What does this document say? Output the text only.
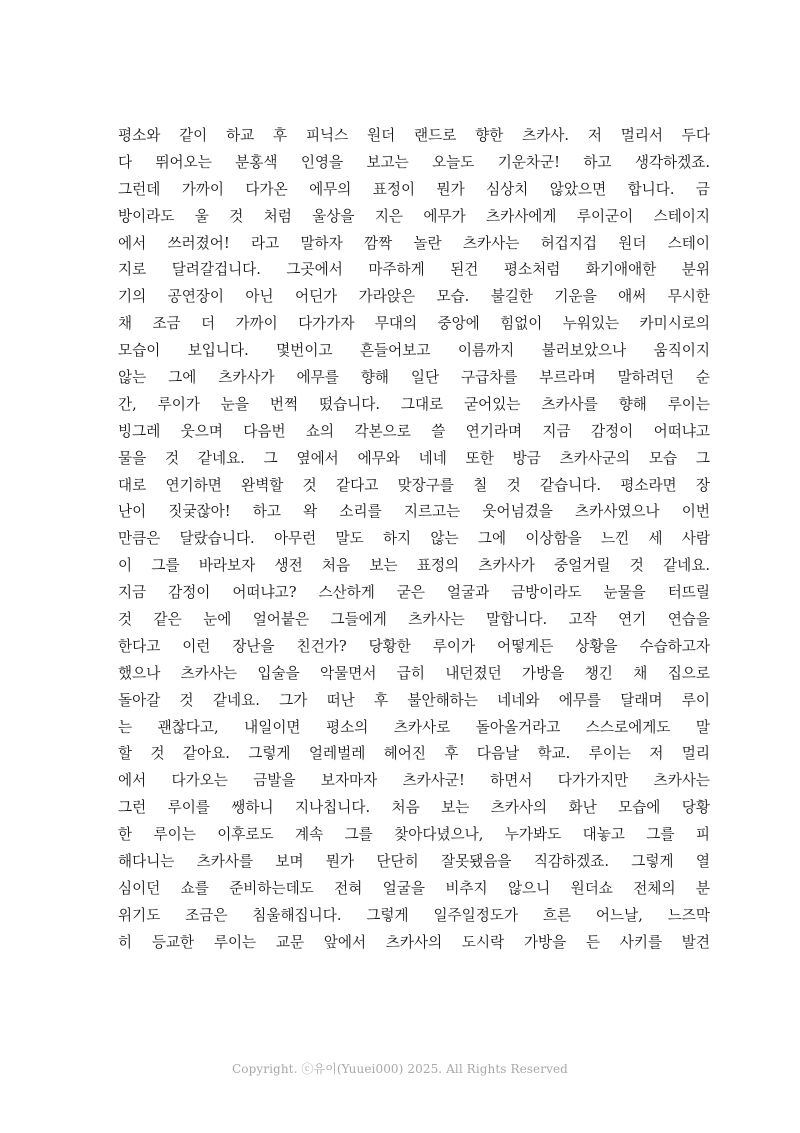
평소와 같이 하교 후 피닉스 원더 랜드로 향한 츠카사. 저 멀리서 두다
다 뛰어오는 분홍색 인영을 보고는 오늘도 기운차군! 하고 생각하겠죠.
그런데 가까이 다가온 에무의 표정이 뭔가 심상치 않았으면 합니다. 금
방이라도 울 것 처럼 울상을 지은 에무가 츠카사에게 루이군이 스테이지
에서 쓰러졌어! 라고 말하자 깜짝 놀란 츠카사는 허겁지겁 원더 스테이
지로 달려갈겁니다. 그곳에서 마주하게 된건 평소처럼 화기애애한 분위
기의 공연장이 아닌 어딘가 가라앉은 모습. 불길한 기운을 애써 무시한
채 조금 더 가까이 다가가자 무대의 중앙에 힘없이 누워있는 카미시로의
모습이 보입니다. 몇번이고 흔들어보고 이름까지 불러보았으나 움직이지
않는 그에 츠카사가 에무를 향해 일단 구급차를 부르라며 말하려던 순
간, 루이가 눈을 번쩍 떴습니다. 그대로 굳어있는 츠카사를 향해 루이는
빙그레 웃으며 다음번 쇼의 각본으로 쓸 연기라며 지금 감정이 어떠냐고
물을 것 같네요. 그 옆에서 에무와 네네 또한 방금 츠카사군의 모습 그
대로 연기하면 완벽할 것 같다고 맞장구를 칠 것 같습니다. 평소라면 장
난이 짓궂잖아! 하고 왁 소리를 지르고는 웃어넘겼을 츠카사였으나 이번
만큼은 달랐습니다. 아무런 말도 하지 않는 그에 이상함을 느낀 세 사람
이 그를 바라보자 생전 처음 보는 표정의 츠카사가 중얼거릴 것 같네요.
지금 감정이 어떠냐고? 스산하게 굳은 얼굴과 금방이라도 눈물을 터뜨릴
것 같은 눈에 얼어붙은 그들에게 츠카사는 말합니다. 고작 연기 연습을
한다고 이런 장난을 친건가? 당황한 루이가 어떻게든 상황을 수습하고자
했으나 츠카사는 입술을 악물면서 급히 내던졌던 가방을 챙긴 채 집으로
돌아갈 것 같네요. 그가 떠난 후 불안해하는 네네와 에무를 달래며 루이
는 괜찮다고, 내일이면 평소의 츠카사로 돌아올거라고 스스로에게도 말
할 것 같아요. 그렇게 얼레벌레 헤어진 후 다음날 학교. 루이는 저 멀리
에서 다가오는 금발을 보자마자 츠카사군! 하면서 다가가지만 츠카사는
그런 루이를 쌩하니 지나칩니다. 처음 보는 츠카사의 화난 모습에 당황
한 루이는 이후로도 계속 그를 찾아다녔으나, 누가봐도 대놓고 그를 피
해다니는 츠카사를 보며 뭔가 단단히 잘못됐음을 직감하겠죠. 그렇게 열
심이던 쇼를 준비하는데도 전혀 얼굴을 비추지 않으니 원더쇼 전체의 분
위기도 조금은 침울해집니다. 그렇게 일주일정도가 흐른 어느날, 느즈막
히 등교한 루이는 교문 앞에서 츠카사의 도시락 가방을 든 사키를 발견
Copyright. ⓒ유이(Yuuei000) 2025. All Rights Reserved
